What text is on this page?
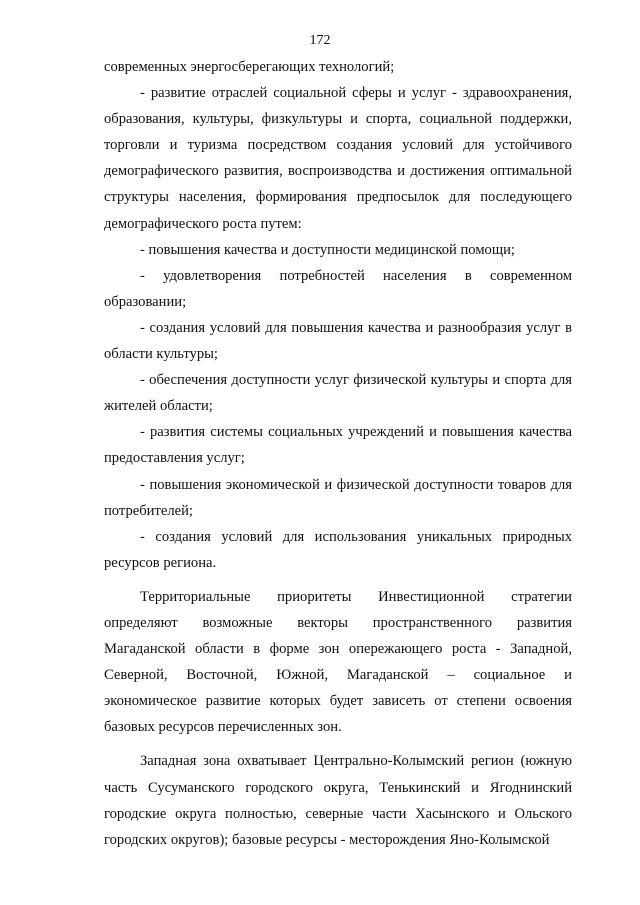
172

современных энергосберегающих технологий;

- развитие отраслей социальной сферы и услуг - здравоохранения, образования, культуры, физкультуры и спорта, социальной поддержки, торговли и туризма посредством создания условий для устойчивого демографического развития, воспроизводства и достижения оптимальной структуры населения, формирования предпосылок для последующего демографического роста путем:

- повышения качества и доступности медицинской помощи;

- удовлетворения потребностей населения в современном образовании;

- создания условий для повышения качества и разнообразия услуг в области культуры;

- обеспечения доступности услуг физической культуры и спорта для жителей области;

- развития системы социальных учреждений и повышения качества предоставления услуг;

- повышения экономической и физической доступности товаров для потребителей;

- создания условий для использования уникальных природных ресурсов региона.

Территориальные приоритеты Инвестиционной стратегии определяют возможные векторы пространственного развития Магаданской области в форме зон опережающего роста - Западной, Северной, Восточной, Южной, Магаданской – социальное и экономическое развитие которых будет зависеть от степени освоения базовых ресурсов перечисленных зон.

Западная зона охватывает Центрально-Колымский регион (южную часть Сусуманского городского округа, Тенькинский и Ягоднинский городские округа полностью, северные части Хасынского и Ольского городских округов); базовые ресурсы - месторождения Яно-Колымской
